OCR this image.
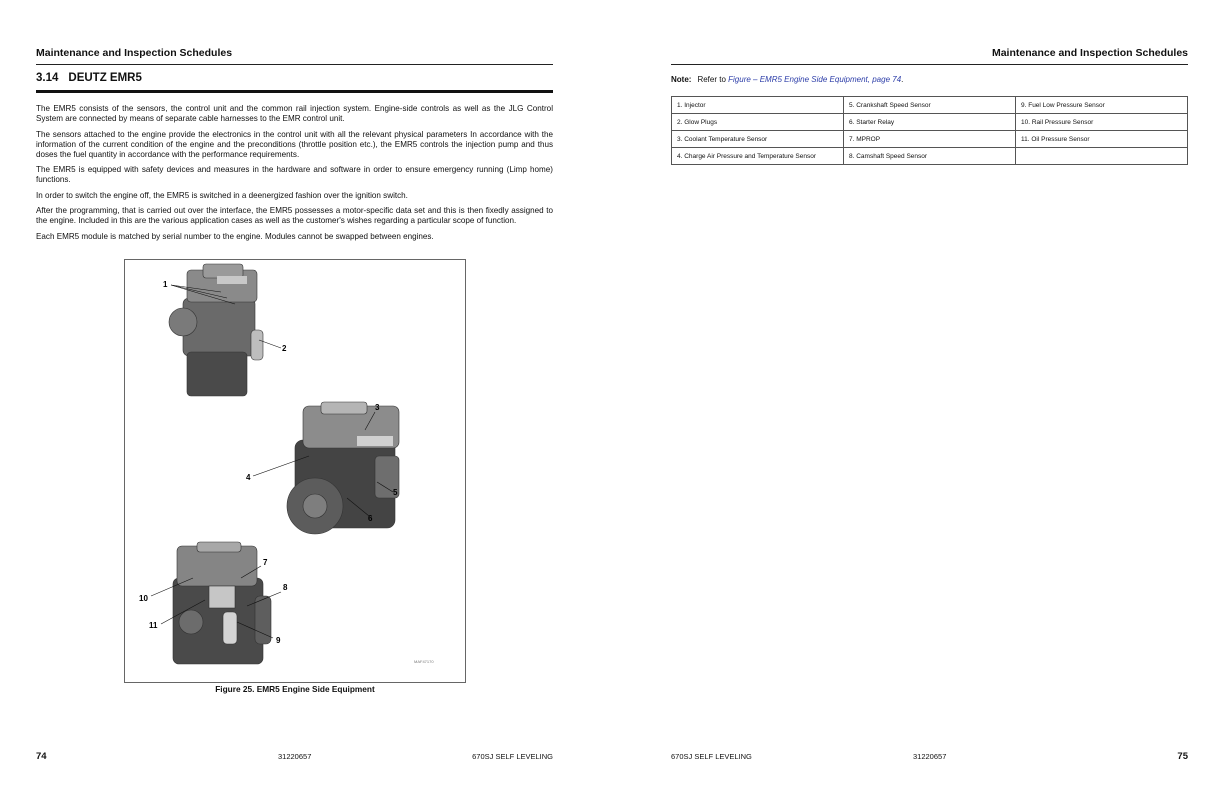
Maintenance and Inspection Schedules
3.14 DEUTZ EMR5

The EMR5 consists of the sensors, the control unit and the common rail injection system. Engine-side controls as well as the JLG Control System are connected by means of separate cable harnesses to the EMR control unit.

The sensors attached to the engine provide the electronics in the control unit with all the relevant physical parameters In accordance with the information of the current condition of the engine and the preconditions (throttle position etc.), the EMR5 controls the injection pump and thus doses the fuel quantity in accordance with the performance requirements.

The EMR5 is equipped with safety devices and measures in the hardware and software in order to ensure emergency running (Limp home) functions.

In order to switch the engine off, the EMR5 is switched in a deenergized fashion over the ignition switch.

After the programming, that is carried out over the interface, the EMR5 possesses a motor-specific data set and this is then fixedly assigned to the engine. Included in this are the various application cases as well as the customer's wishes regarding a particular scope of function.

Each EMR5 module is matched by serial number to the engine. Modules cannot be swapped between engines.

1
2
3
4
5
6
7
8
9
10
11
MAF47170
Figure 25. EMR5 Engine Side Equipment
74	31220657	670SJ SELF LEVELING
Maintenance and Inspection Schedules
Note: Refer to Figure – EMR5 Engine Side Equipment, page 74.
1. Injector	5. Crankshaft Speed Sensor	9. Fuel Low Pressure Sensor
2. Glow Plugs	6. Starter Relay	10. Rail Pressure Sensor
3. Coolant Temperature Sensor	7. MPROP	11. Oil Pressure Sensor
4. Charge Air Pressure and Temperature Sensor	8. Camshaft Speed Sensor	
670SJ SELF LEVELING	31220657	75
